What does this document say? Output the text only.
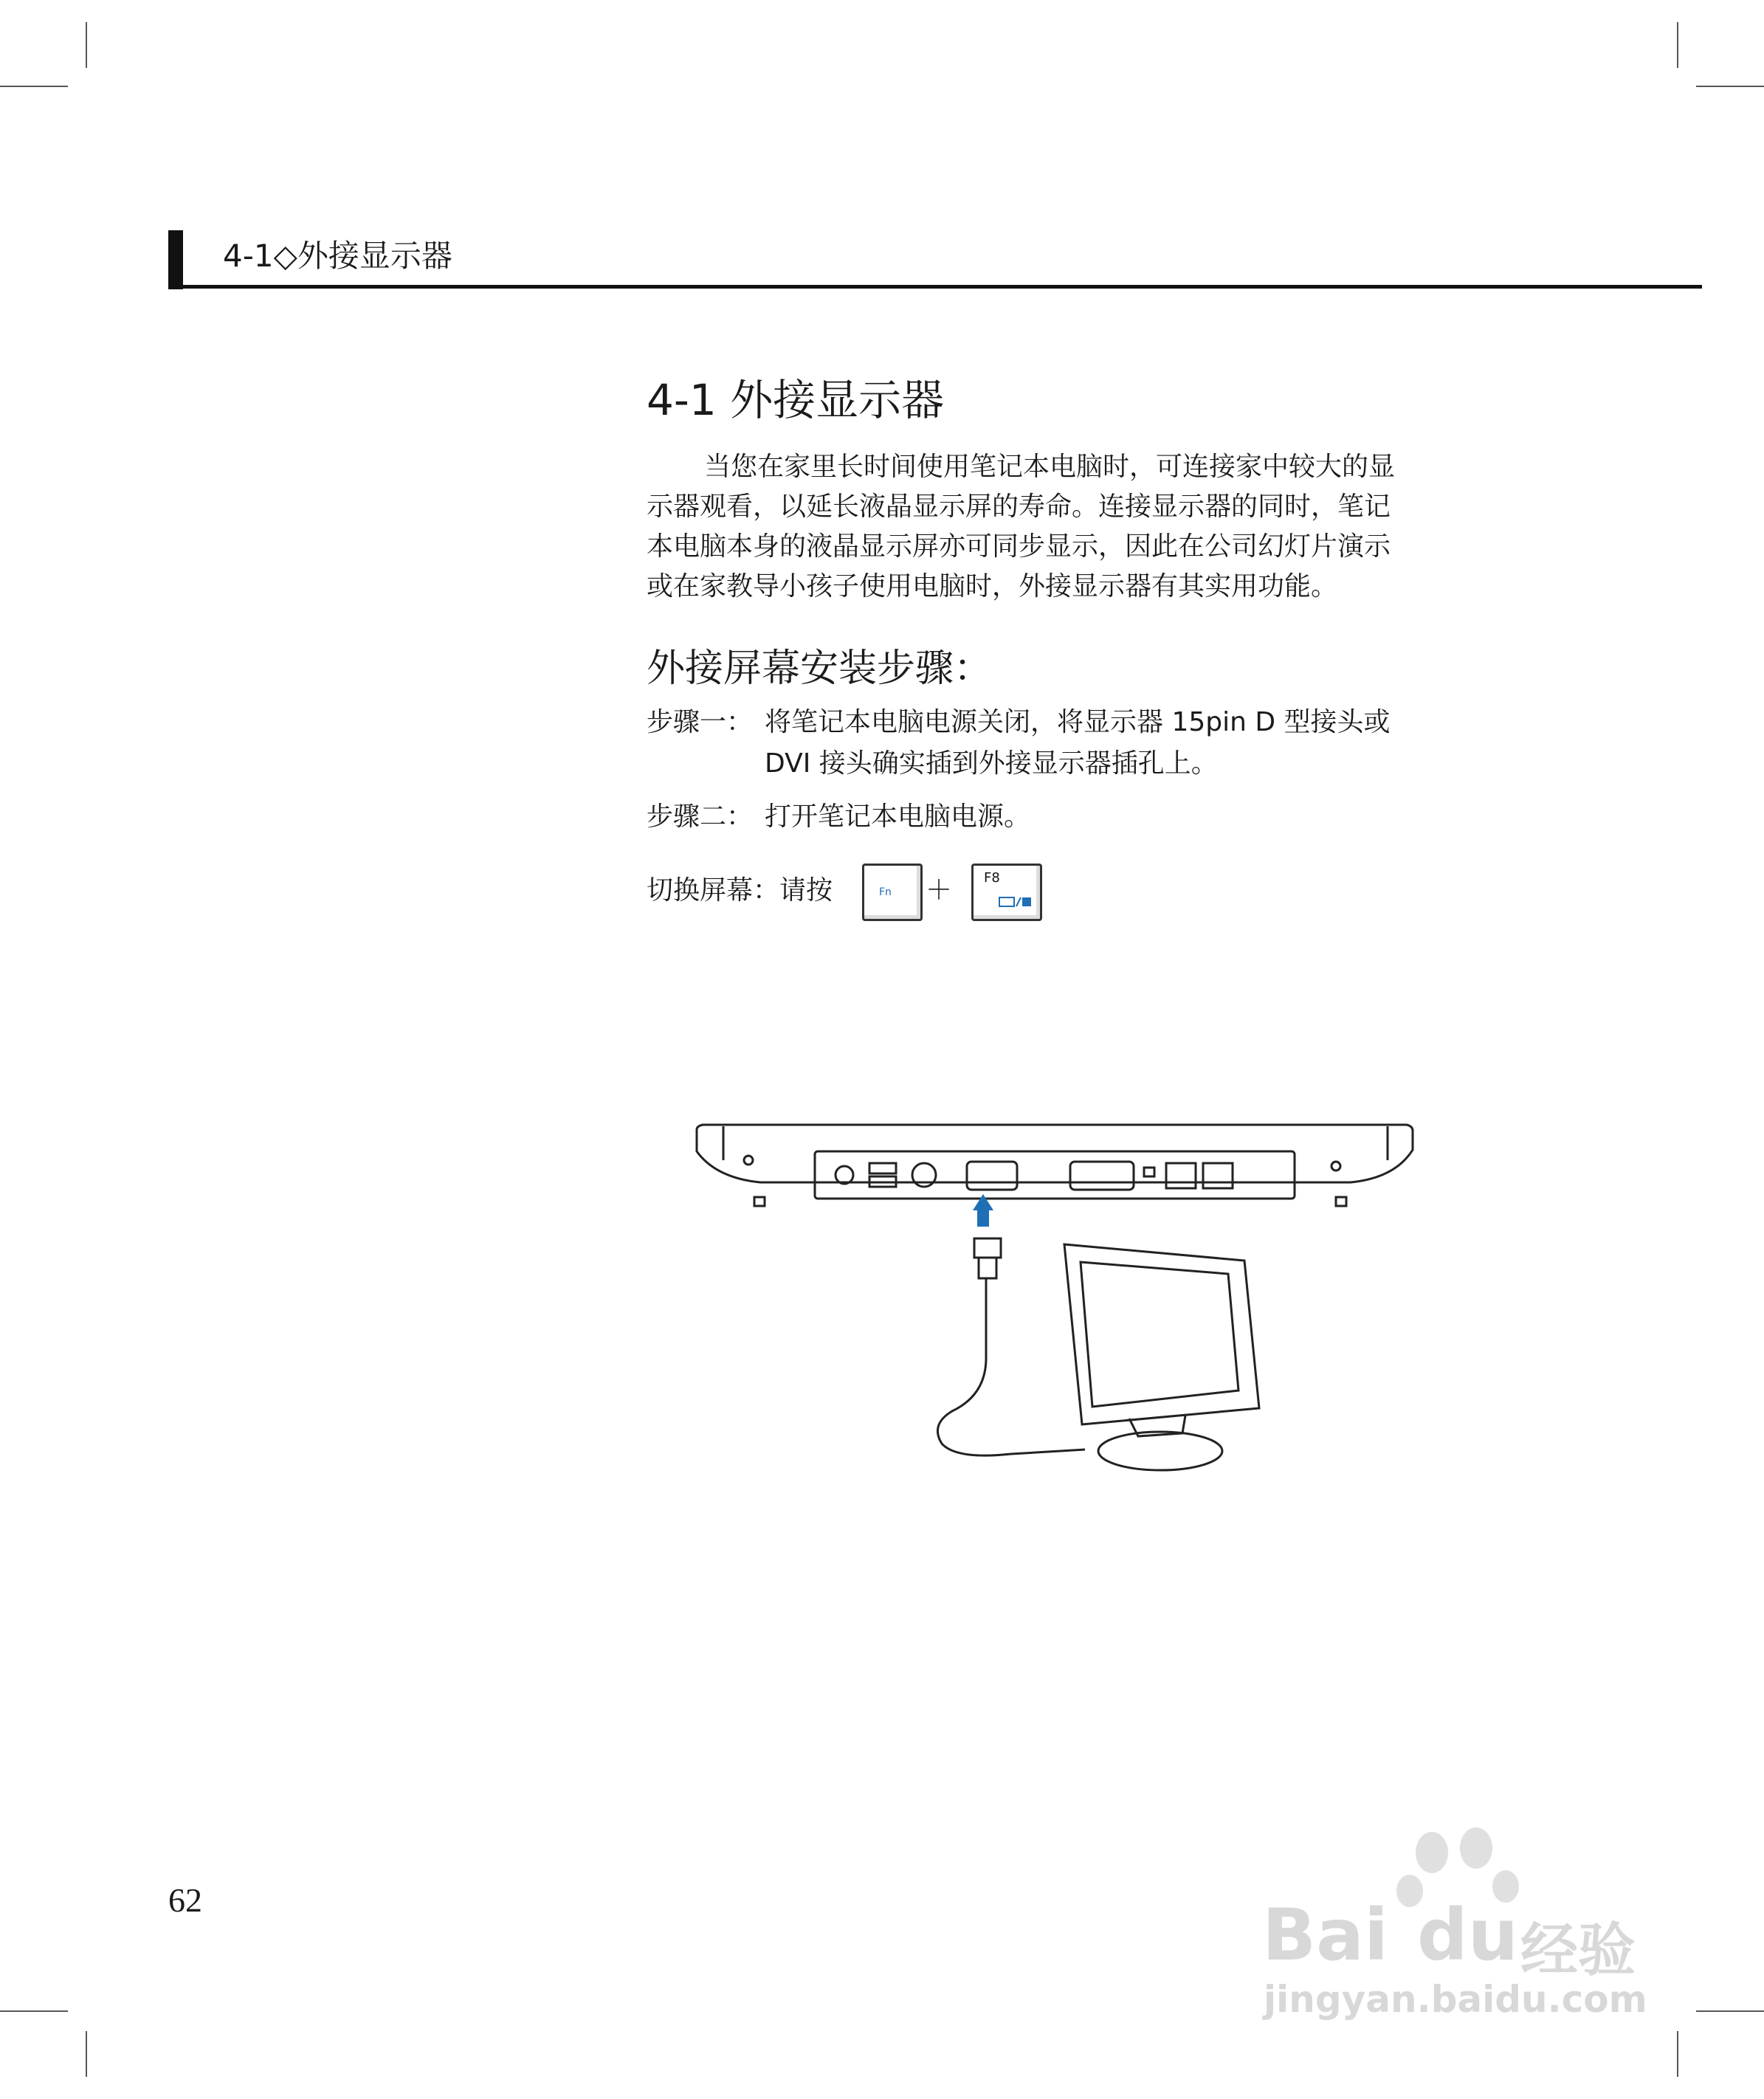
4-1◇外接显示器
4-1 外接显示器
当您在家里长时间使用笔记本电脑时，可连接家中较大的显
示器观看，以延长液晶显示屏的寿命。连接显示器的同时，笔记
本电脑本身的液晶显示屏亦可同步显示，因此在公司幻灯片演示
或在家教导小孩子使用电脑时，外接显示器有其实用功能。
外接屏幕安装步骤：
步骤一： 将笔记本电脑电源关闭，将显示器 15pin D 型接头或
DVI 接头确实插到外接显示器插孔上。
步骤二： 打开笔记本电脑电源。
切换屏幕：请按	Fn ＋ F8
62	Bai du 经验
jingyan.baidu.com
